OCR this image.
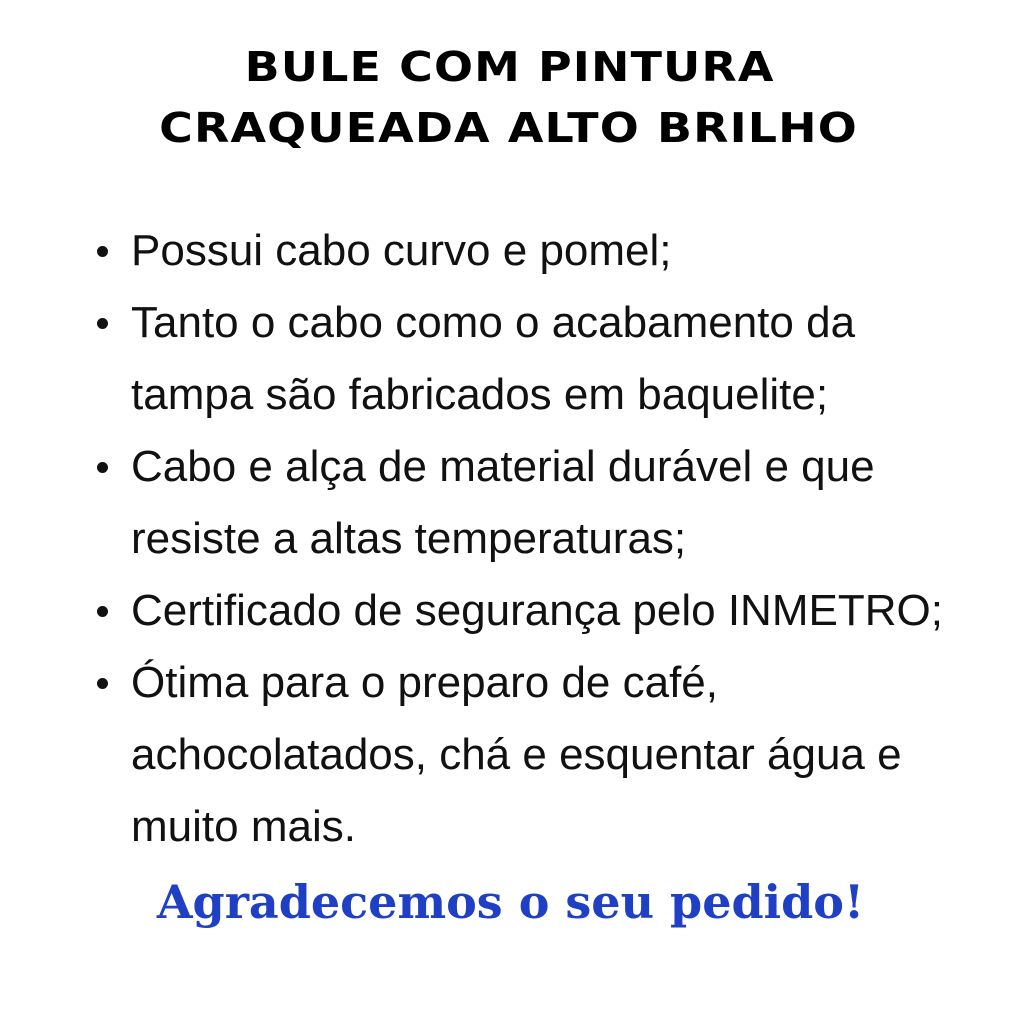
BULE COM PINTURA
CRAQUEADA ALTO BRILHO
Possui cabo curvo e pomel;
Tanto o cabo como o acabamento da
tampa são fabricados em baquelite;
Cabo e alça de material durável e que
resiste a altas temperaturas;
Certificado de segurança pelo INMETRO;
Ótima para o preparo de café,
achocolatados, chá e esquentar água e
muito mais.

Agradecemos o seu pedido!
